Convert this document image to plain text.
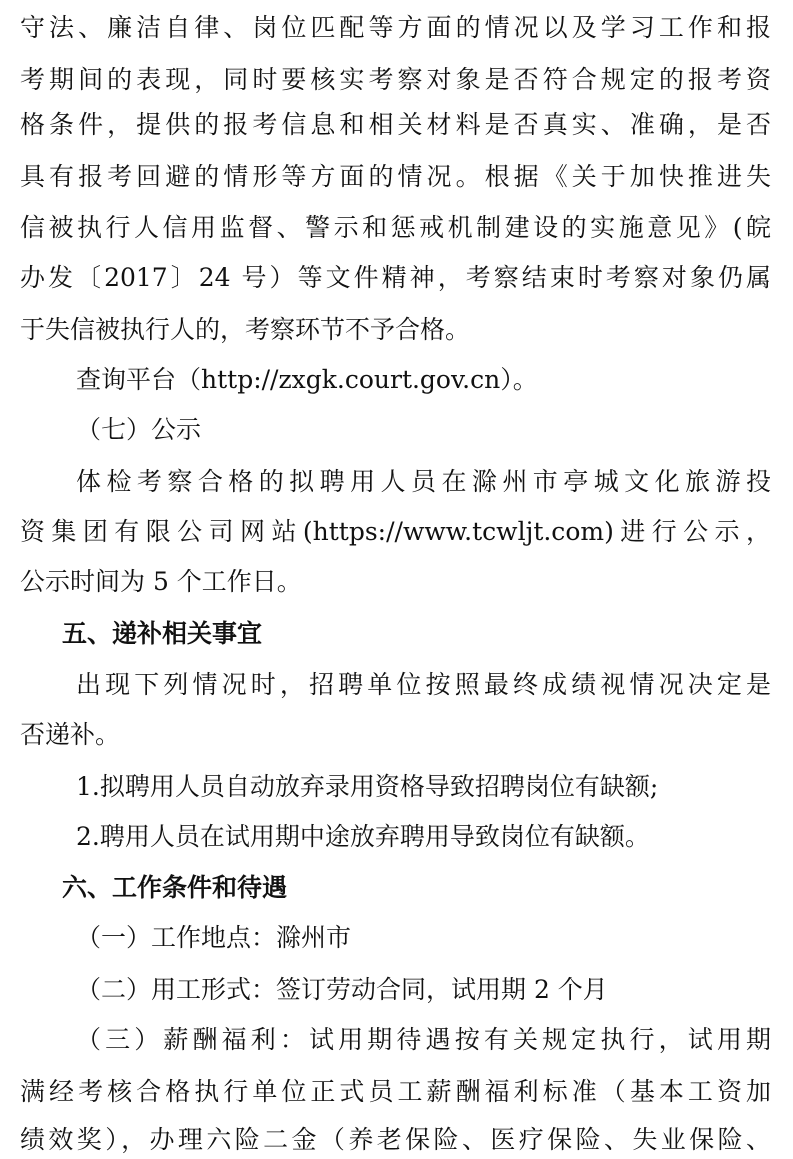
守法、廉洁自律、岗位匹配等方面的情况以及学习工作和报
考期间的表现，同时要核实考察对象是否符合规定的报考资
格条件，提供的报考信息和相关材料是否真实、准确，是否
具有报考回避的情形等方面的情况。根据《关于加快推进失
信被执行人信用监督、警示和惩戒机制建设的实施意见》(皖
办发〔2017〕24 号）等文件精神，考察结束时考察对象仍属
于失信被执行人的，考察环节不予合格。
查询平台（http://zxgk.court.gov.cn）。
（七）公示
体检考察合格的拟聘用人员在滁州市亭城文化旅游投
资集团有限公司网站(https://www.tcwljt.com)进行公示，
公示时间为 5 个工作日。
五、递补相关事宜
出现下列情况时，招聘单位按照最终成绩视情况决定是
否递补。
1.拟聘用人员自动放弃录用资格导致招聘岗位有缺额;
2.聘用人员在试用期中途放弃聘用导致岗位有缺额。
六、工作条件和待遇
（一）工作地点：滁州市
（二）用工形式：签订劳动合同，试用期 2 个月
（三）薪酬福利：试用期待遇按有关规定执行，试用期
满经考核合格执行单位正式员工薪酬福利标准（基本工资加
绩效奖），办理六险二金（养老保险、医疗保险、失业保险、
